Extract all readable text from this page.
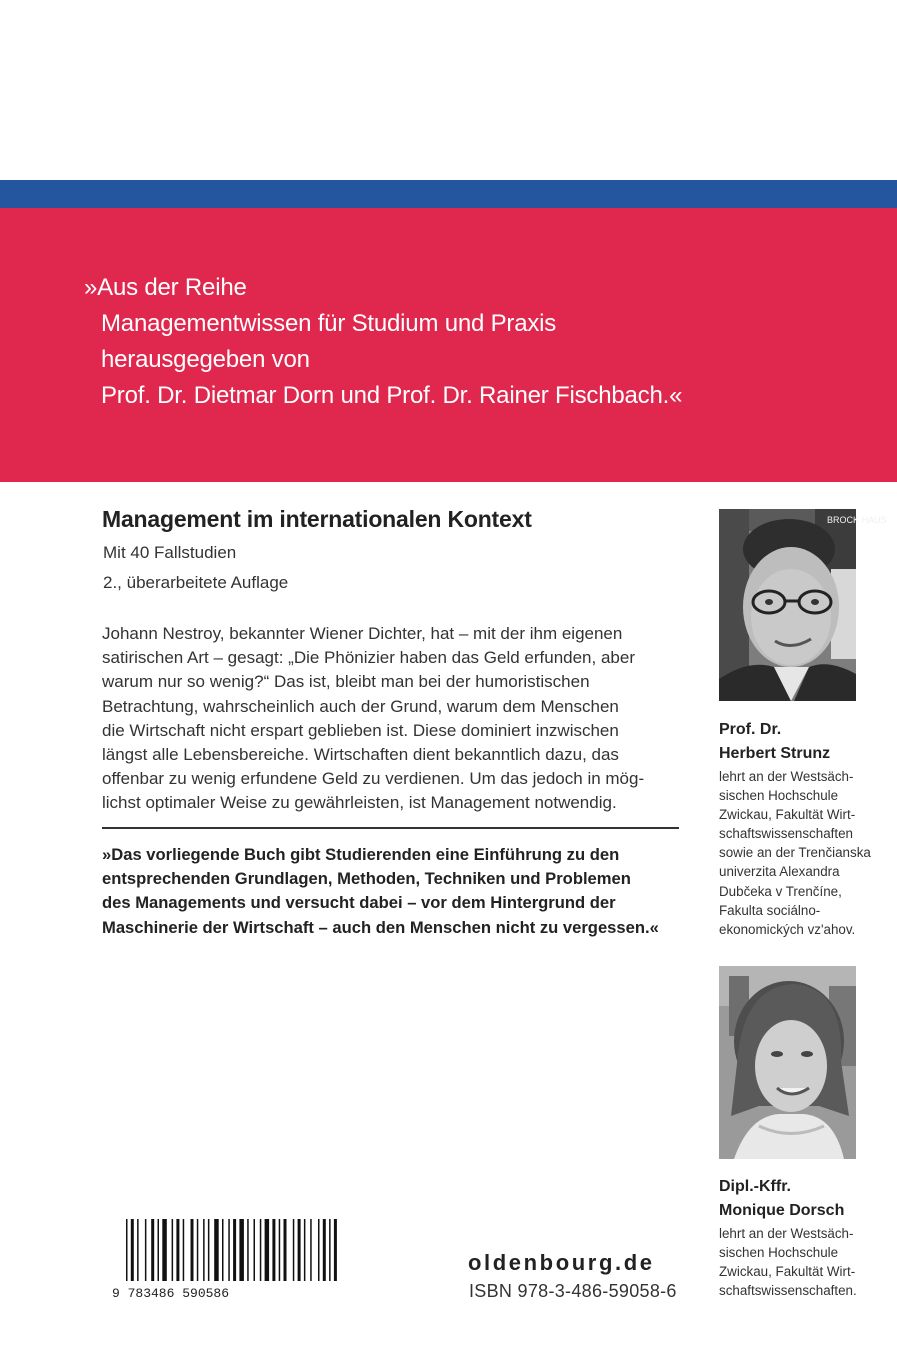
»Aus der Reihe
Managementwissen für Studium und Praxis
herausgegeben von
Prof. Dr. Dietmar Dorn und Prof. Dr. Rainer Fischbach.«
Management im internationalen Kontext
Mit 40 Fallstudien
2., überarbeitete Auflage
Johann Nestroy, bekannter Wiener Dichter, hat – mit der ihm eigenen
satirischen Art – gesagt: „Die Phönizier haben das Geld erfunden, aber
warum nur so wenig?“ Das ist, bleibt man bei der humoristischen
Betrachtung, wahrscheinlich auch der Grund, warum dem Menschen
die Wirtschaft nicht erspart geblieben ist. Diese dominiert inzwischen
längst alle Lebensbereiche. Wirtschaften dient bekanntlich dazu, das
offenbar zu wenig erfundene Geld zu verdienen. Um das jedoch in mög-
lichst optimaler Weise zu gewährleisten, ist Management notwendig.
»Das vorliegende Buch gibt Studierenden eine Einführung zu den
entsprechenden Grundlagen, Methoden, Techniken und Problemen
des Managements und versucht dabei – vor dem Hintergrund der
Maschinerie der Wirtschaft – auch den Menschen nicht zu vergessen.«
BROCK HAUS
Prof. Dr.
Herbert Strunz
lehrt an der Westsäch-
sischen Hochschule
Zwickau, Fakultät Wirt-
schaftswissenschaften
sowie an der Trenčianska
univerzita Alexandra
Dubčeka v Trenčíne,
Fakulta sociálno-
ekonomických vz'ahov.
Dipl.-Kffr.
Monique Dorsch
lehrt an der Westsäch-
sischen Hochschule
Zwickau, Fakultät Wirt-
schaftswissenschaften.
9 783486 590586
oldenbourg.de
ISBN 978-3-486-59058-6
